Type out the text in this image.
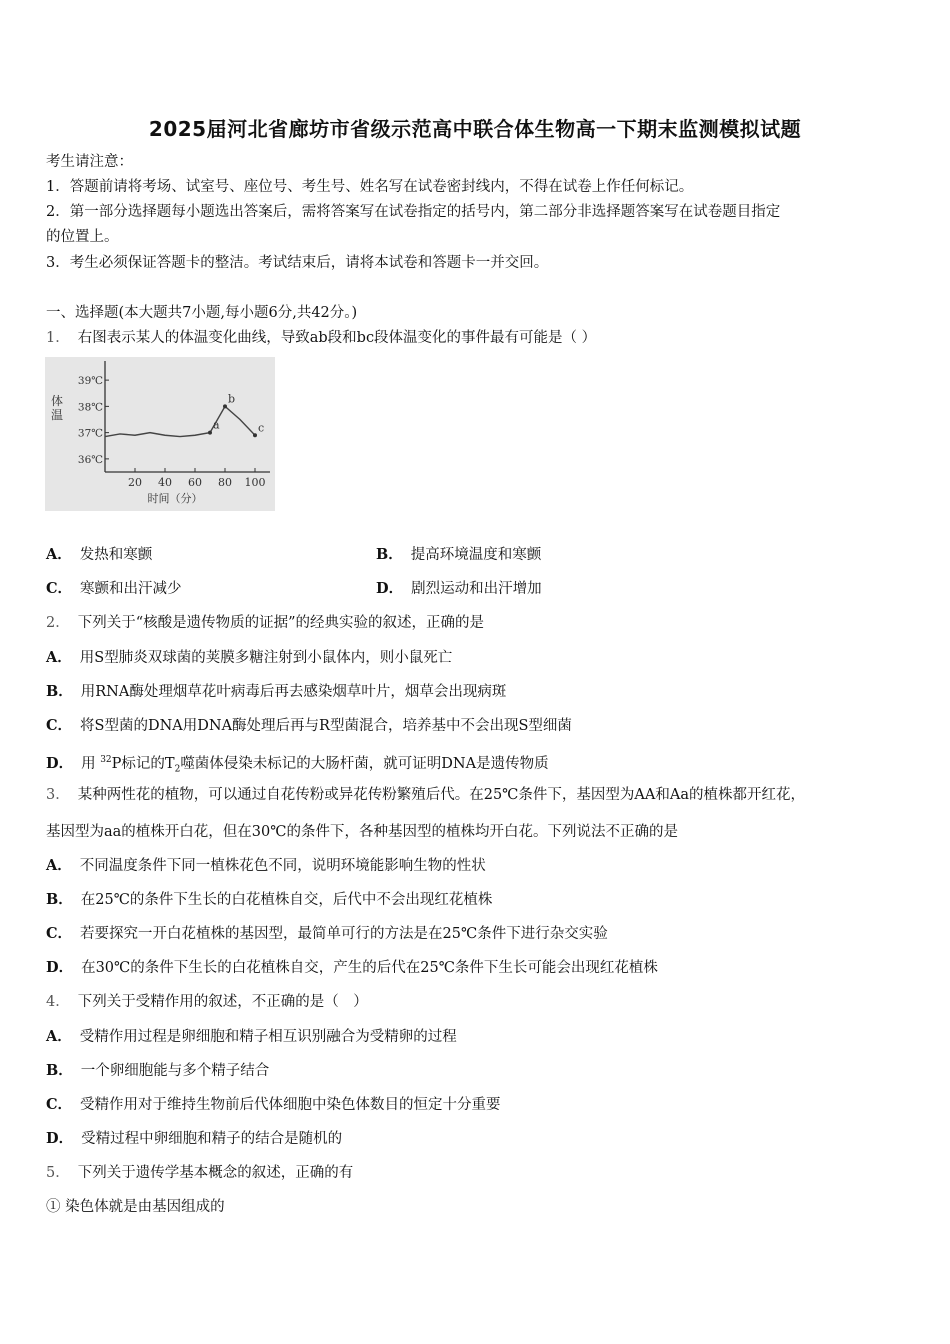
2025届河北省廊坊市省级示范高中联合体生物高一下期末监测模拟试题
考生请注意：
1．答题前请将考场、试室号、座位号、考生号、姓名写在试卷密封线内，不得在试卷上作任何标记。
2．第一部分选择题每小题选出答案后，需将答案写在试卷指定的括号内，第二部分非选择题答案写在试卷题目指定
的位置上。
3．考生必须保证答题卡的整洁。考试结束后，请将本试卷和答题卡一并交回。
一、选择题(本大题共7小题,每小题6分,共42分。)
1． 右图表示某人的体温变化曲线，导致ab段和bc段体温变化的事件最有可能是（ ）
39℃
38℃
37℃
36℃
20 40 60 80 100
体
温
时间（分）
a
b
c
A． 发热和寒颤	B． 提高环境温度和寒颤
C． 寒颤和出汗减少	D． 剧烈运动和出汗增加
2． 下列关于“核酸是遗传物质的证据”的经典实验的叙述，正确的是
A． 用S型肺炎双球菌的荚膜多糖注射到小鼠体内，则小鼠死亡
B． 用RNA酶处理烟草花叶病毒后再去感染烟草叶片，烟草会出现病斑
C． 将S型菌的DNA用DNA酶处理后再与R型菌混合，培养基中不会出现S型细菌
D． 用 $^{32}$P标记的$T_2$噬菌体侵染未标记的大肠杆菌，就可证明DNA是遗传物质
3． 某种两性花的植物，可以通过自花传粉或异花传粉繁殖后代。在25℃条件下，基因型为AA和Aa的植株都开红花，
基因型为aa的植株开白花，但在30℃的条件下，各种基因型的植株均开白花。下列说法不正确的是
A． 不同温度条件下同一植株花色不同，说明环境能影响生物的性状
B． 在25℃的条件下生长的白花植株自交，后代中不会出现红花植株
C． 若要探究一开白花植株的基因型，最简单可行的方法是在25℃条件下进行杂交实验
D． 在30℃的条件下生长的白花植株自交，产生的后代在25℃条件下生长可能会出现红花植株
4． 下列关于受精作用的叙述，不正确的是（　）
A． 受精作用过程是卵细胞和精子相互识别融合为受精卵的过程
B． 一个卵细胞能与多个精子结合
C． 受精作用对于维持生物前后代体细胞中染色体数目的恒定十分重要
D． 受精过程中卵细胞和精子的结合是随机的
5． 下列关于遗传学基本概念的叙述，正确的有
① 染色体就是由基因组成的
